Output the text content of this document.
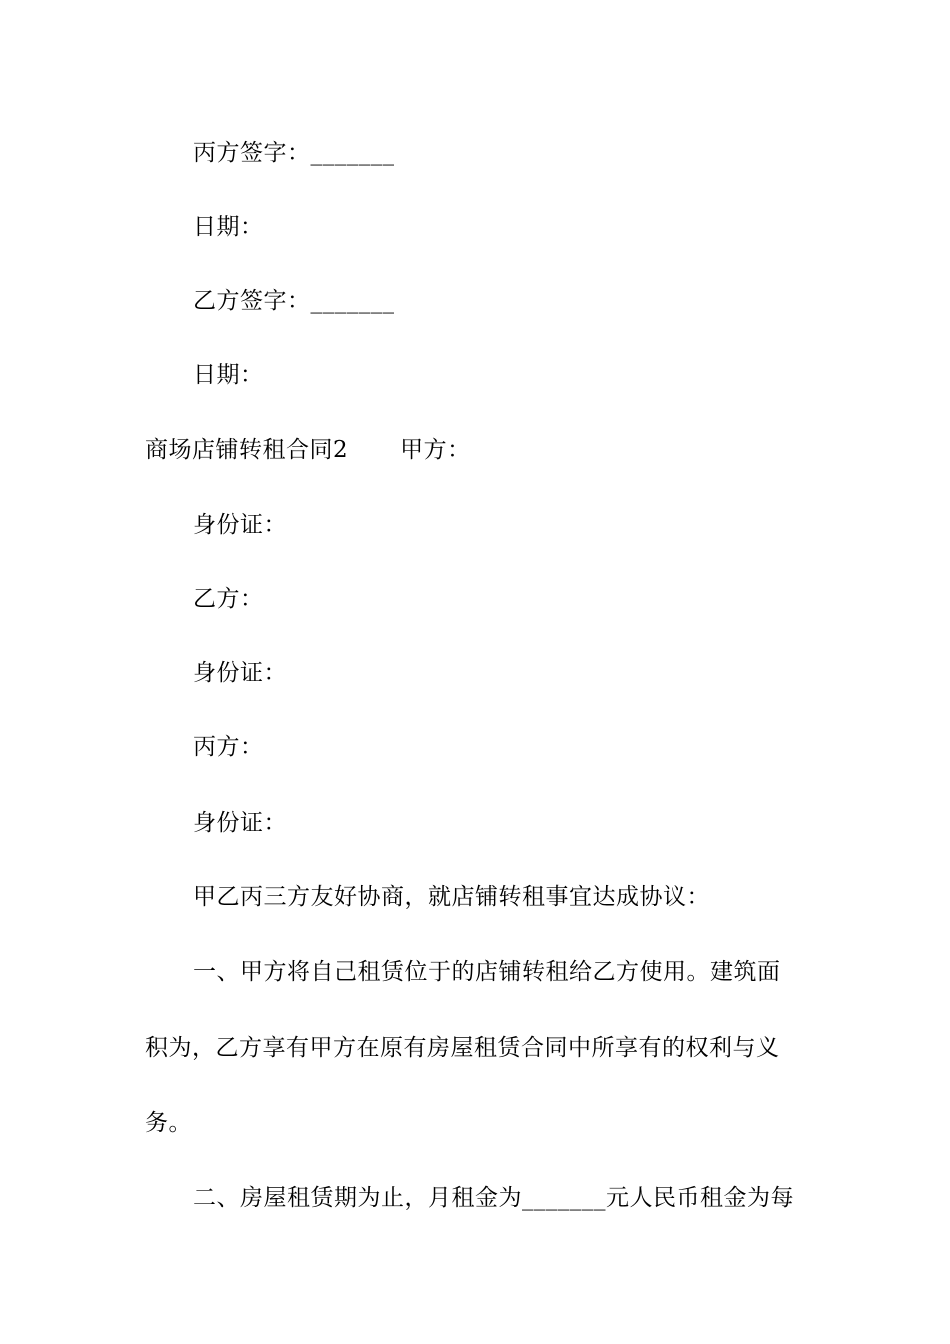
丙方签字：_______
日期：
乙方签字：_______
日期：
商场店铺转租合同2 甲方：
身份证：
乙方：
身份证：
丙方：
身份证：
甲乙丙三方友好协商，就店铺转租事宜达成协议：
一、甲方将自己租赁位于的店铺转租给乙方使用。建筑面
积为，乙方享有甲方在原有房屋租赁合同中所享有的权利与义
务。
二、房屋租赁期为止，月租金为_______元人民币租金为每
